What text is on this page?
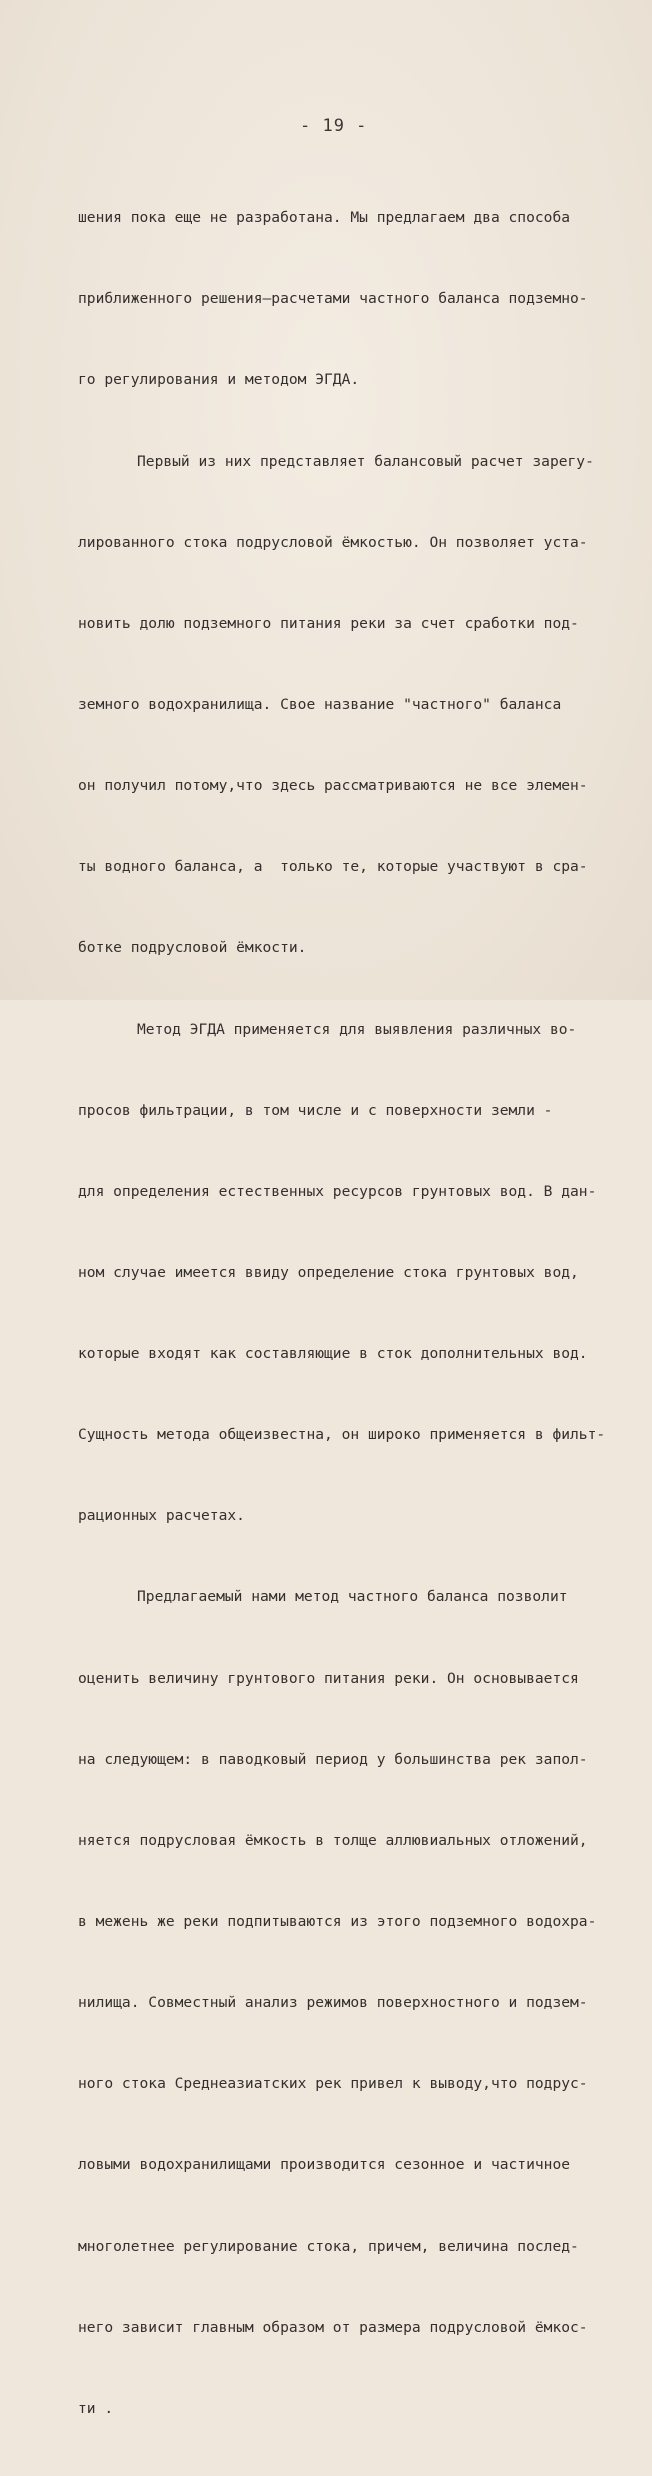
- 19 -

шения пока еще не разработана. Мы предлагаем два способа

приближенного решения–расчетами частного баланса подземно-

го регулирования и методом ЭГДА.

Первый из них представляет балансовый расчет зарегу-

лированного стока подрусловой ёмкостью. Он позволяет уста-

новить долю подземного питания реки за счет сработки под-

земного водохранилища. Свое название "частного" баланса

он получил потому,что здесь рассматриваются не все элемен-

ты водного баланса, а  только те, которые участвуют в сра-

ботке подрусловой ёмкости.

Метод ЭГДА применяется для выявления различных во-

просов фильтрации, в том числе и с поверхности земли -

для определения естественных ресурсов грунтовых вод. В дан-

ном случае имеется ввиду определение стока грунтовых вод,

которые входят как составляющие в сток дополнительных вод.

Сущность метода общеизвестна, он широко применяется в фильт-

рационных расчетах.

Предлагаемый нами метод частного баланса позволит

оценить величину грунтового питания реки. Он основывается

на следующем: в паводковый период у большинства рек запол-

няется подрусловая ёмкость в толще аллювиальных отложений,

в межень же реки подпитываются из этого подземного водохра-

нилища. Совместный анализ режимов поверхностного и подзем-

ного стока Среднеазиатских рек привел к выводу,что подрус-

ловыми водохранилищами производится сезонное и частичное

многолетнее регулирование стока, причем, величина послед-

него зависит главным образом от размера подрусловой ёмкос-

ти .
